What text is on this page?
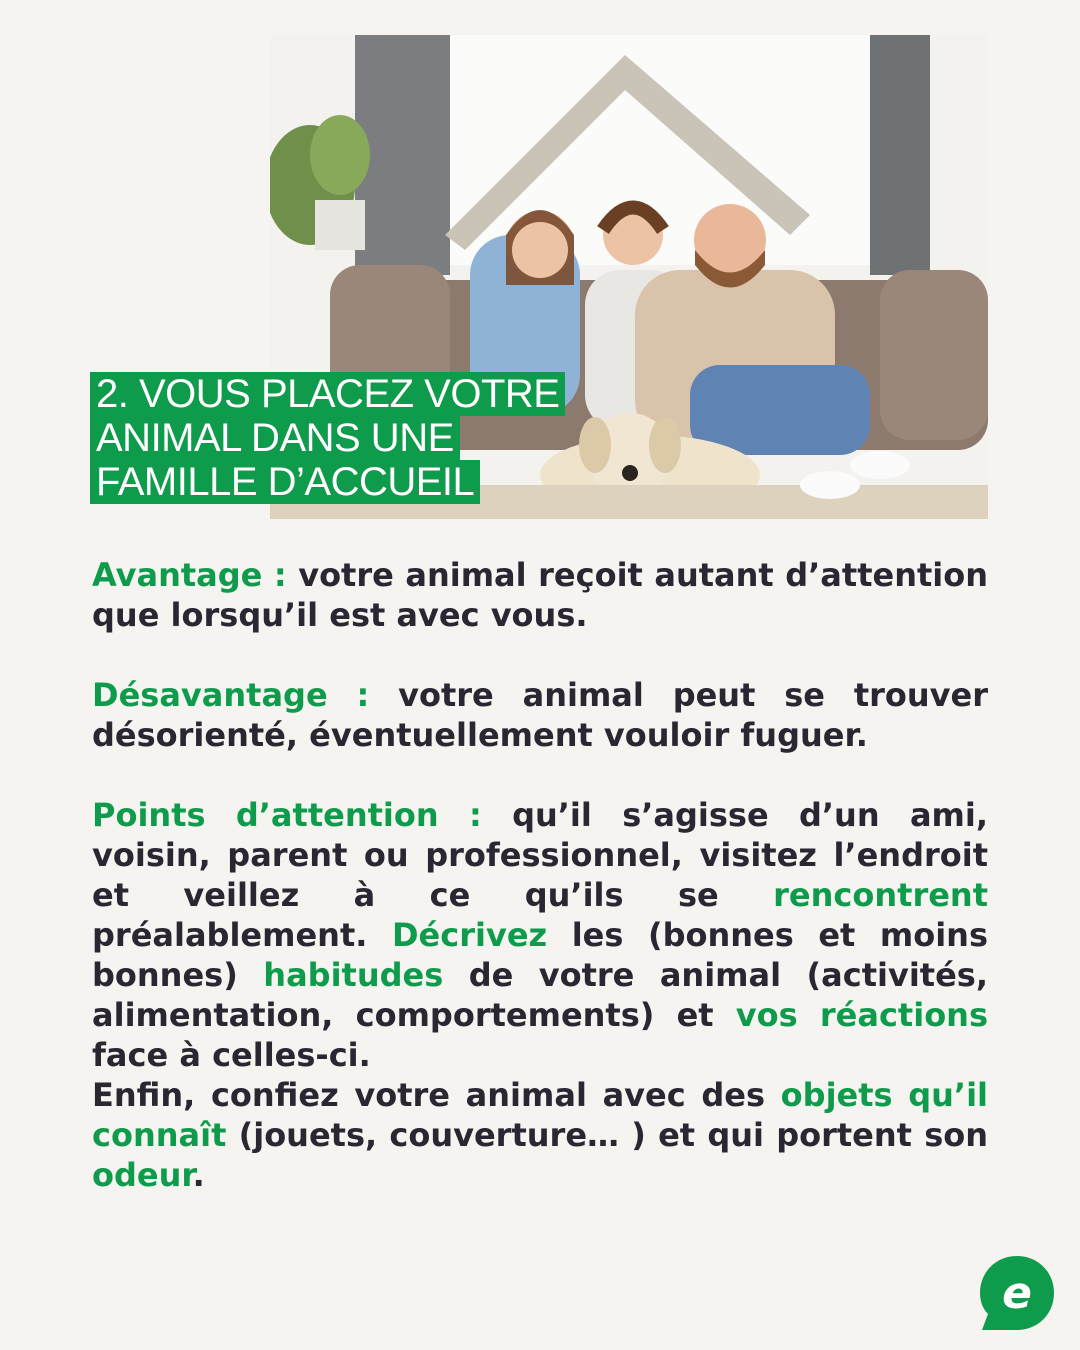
2. VOUS PLACEZ VOTRE
ANIMAL DANS UNE
FAMILLE D’ACCUEIL

Avantage : votre animal reçoit autant d’attention que lorsqu’il est avec vous.

Désavantage : votre animal peut se trouver désorienté, éventuellement vouloir fuguer.

Points d’attention : qu’il s’agisse d’un ami, voisin, parent ou professionnel, visitez l’endroit et veillez à ce qu’ils se rencontrent préalablement. Décrivez les (bonnes et moins bonnes) habitudes de votre animal (activités, alimentation, comportements) et vos réactions face à celles-ci.

Enfin, confiez votre animal avec des objets qu’il connaît (jouets, couverture… ) et qui portent son odeur.

e
